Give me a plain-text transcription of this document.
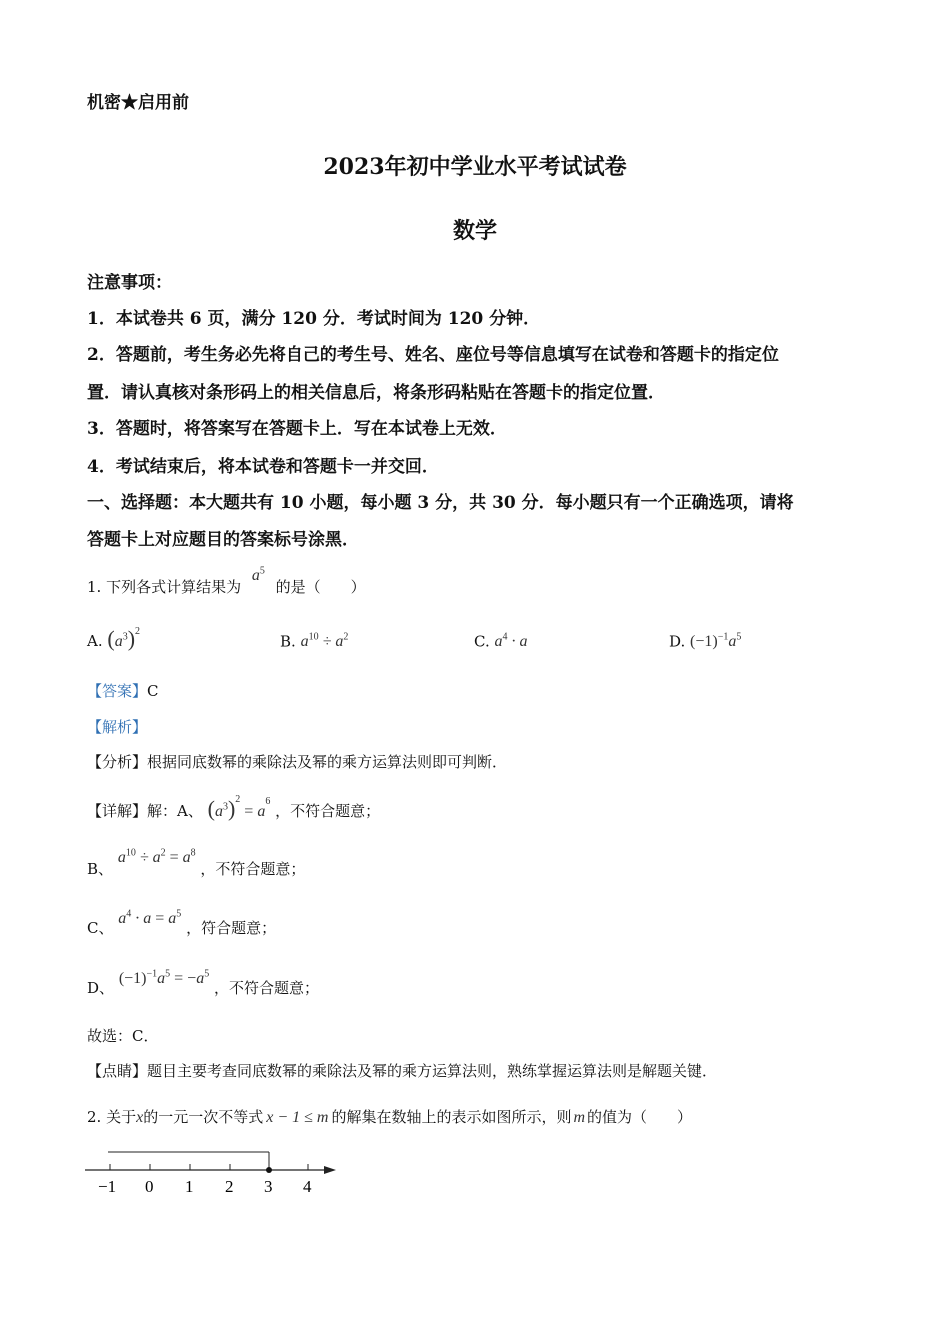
机密★启用前
2023年初中学业水平考试试卷
数学
注意事项：
1．本试卷共 6 页，满分 120 分．考试时间为 120 分钟．
2．答题前，考生务必先将自己的考生号、姓名、座位号等信息填写在试卷和答题卡的指定位
置．请认真核对条形码上的相关信息后，将条形码粘贴在答题卡的指定位置．
3．答题时，将答案写在答题卡上．写在本试卷上无效．
4．考试结束后，将本试卷和答题卡一并交回．
一、选择题：本大题共有 10 小题，每小题 3 分，共 30 分．每小题只有一个正确选项，请将
答题卡上对应题目的答案标号涂黑．
1. 下列各式计算结果为 $a^5$ 的是（　　）
A. $(a^3)^2$
B. $a^{10} \div a^2$	C. $a^4 \cdot a$	D. $(-1)^{-1}a^5$
【答案】C
【解析】
【分析】根据同底数幂的乘除法及幂的乘方运算法则即可判断．
【详解】解：A、 $(a^3)^2 = a^6$ ，不符合题意；
B、 $a^{10} \div a^2 = a^8$ ，不符合题意；
C、 $a^4 \cdot a = a^5$ ，符合题意；
D、 $(-1)^{-1}a^5 = -a^5$ ，不符合题意；
故选：C．
【点睛】题目主要考查同底数幂的乘除法及幂的乘方运算法则，熟练掌握运算法则是解题关键．
2. 关于x的一元一次不等式 x − 1 ≤ m 的解集在数轴上的表示如图所示，则 m 的值为（　　）
−1 0 1 2 3 4
